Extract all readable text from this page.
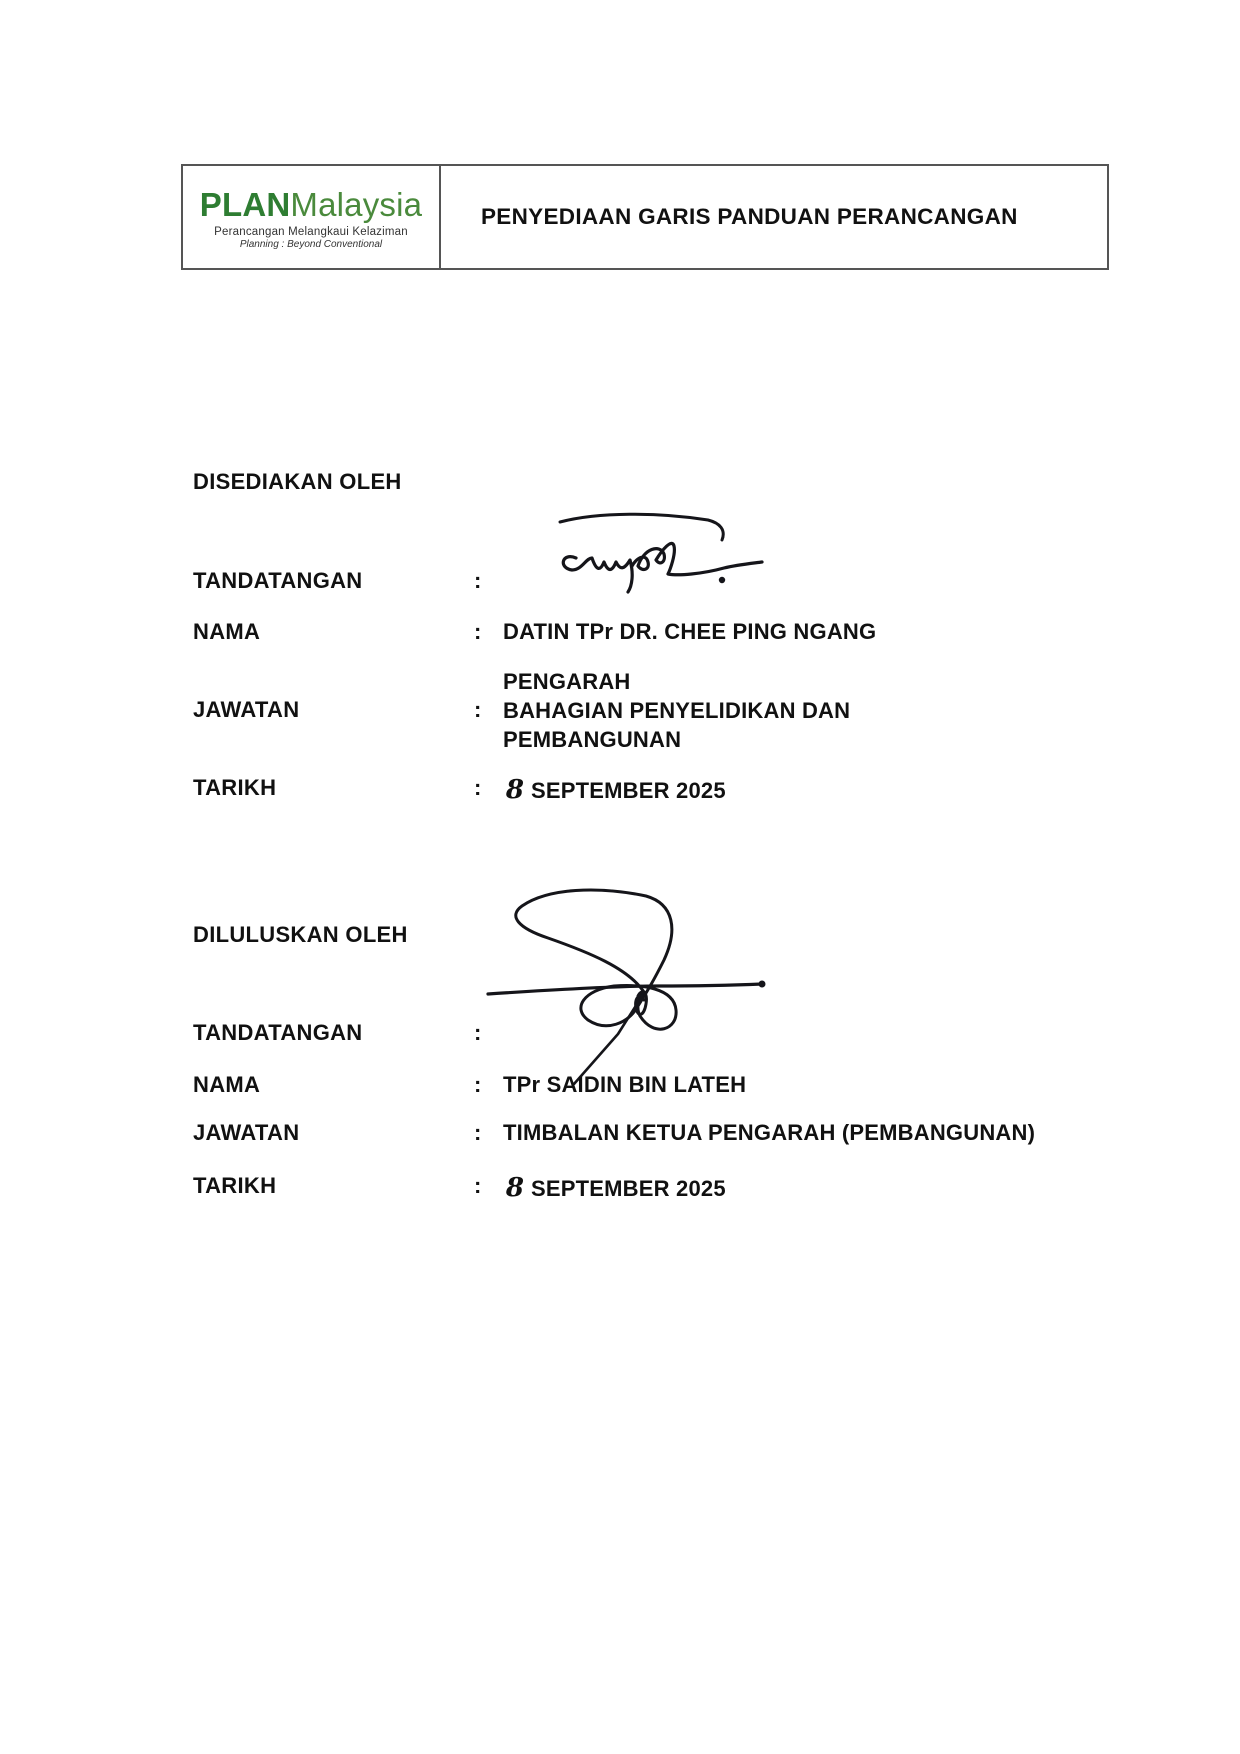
PLANMalaysia
Perancangan Melangkaui Kelaziman
Planning : Beyond Conventional
PENYEDIAAN GARIS PANDUAN PERANCANGAN
DISEDIAKAN OLEH
TANDATANGAN	:
NAMA	: DATIN TPr DR. CHEE PING NGANG
JAWATAN	:
PENGARAH
BAHAGIAN PENYELIDIKAN DAN
PEMBANGUNAN
TARIKH	: 8 SEPTEMBER 2025
DILULUSKAN OLEH
TANDATANGAN	:
NAMA	: TPr SAIDIN BIN LATEH
JAWATAN	: TIMBALAN KETUA PENGARAH (PEMBANGUNAN)
TARIKH	: 8 SEPTEMBER 2025
